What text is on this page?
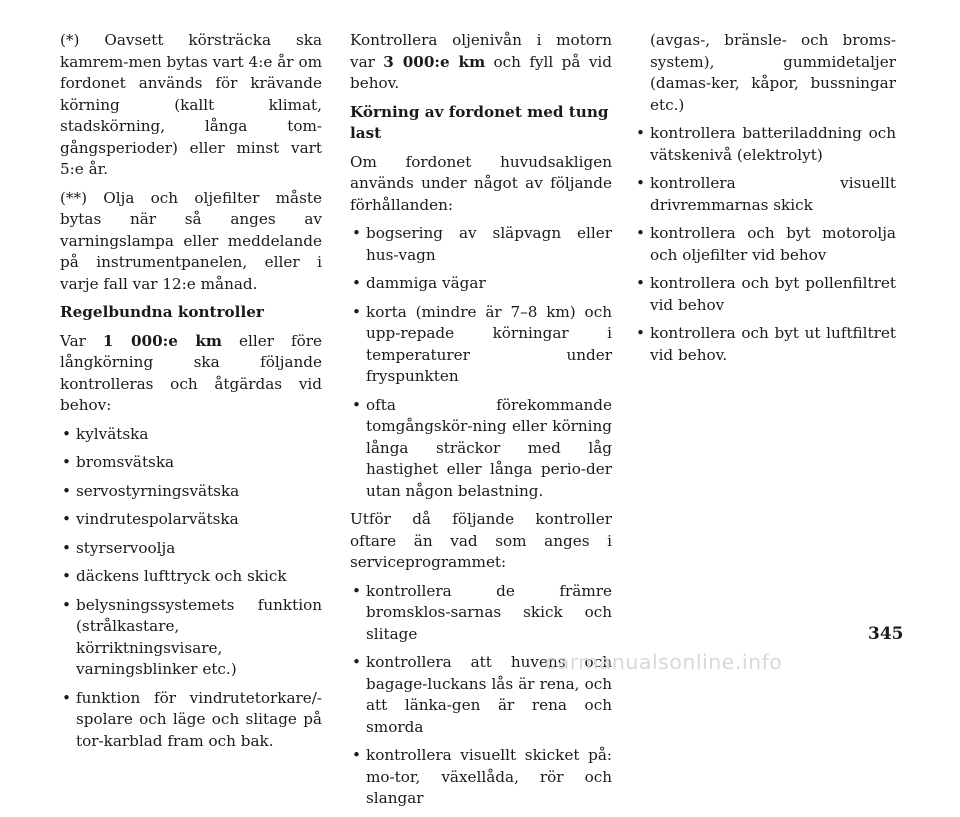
(*) Oavsett körsträcka ska kamrem-men bytas vart 4:e år om fordonet används för krävande körning (kallt klimat, stadskörning, långa tom-gångsperioder) eller minst vart 5:e år.

(**) Olja och oljefilter måste bytas när så anges av varningslampa eller meddelande på instrumentpanelen, eller i varje fall var 12:e månad.

Regelbundna kontroller

Var 1 000:e km eller före långkörning ska följande kontrolleras och åtgärdas vid behov:

• kylvätska
• bromsvätska
• servostyrningsvätska
• vindrutespolarvätska
• styrservoolja
• däckens lufttryck och skick
• belysningssystemets funktion (strålkastare, körriktningsvisare, varningsblinker etc.)
• funktion för vindrutetorkare/-spolare och läge och slitage på tor-karblad fram och bak.

Kontrollera oljenivån i motorn var 3 000:e km och fyll på vid behov.

Körning av fordonet med tung last

Om fordonet huvudsakligen används under något av följande förhållanden:

• bogsering av släpvagn eller hus-vagn
• dammiga vägar
• korta (mindre är 7–8 km) och upp-repade körningar i temperaturer under fryspunkten
• ofta förekommande tomgångskör-ning eller körning långa sträckor med låg hastighet eller långa perio-der utan någon belastning.

Utför då följande kontroller oftare än vad som anges i serviceprogrammet:

• kontrollera de främre bromsklos-sarnas skick och slitage
• kontrollera att huvens och bagage-luckans lås är rena, och att länka-gen är rena och smorda
• kontrollera visuellt skicket på: mo-tor, växellåda, rör och slangar

(avgas-, bränsle- och broms-system), gummidetaljer (damas-ker, kåpor, bussningar etc.)

• kontrollera batteriladdning och vätskenivå (elektrolyt)
• kontrollera visuellt drivremmarnas skick
• kontrollera och byt motorolja och oljefilter vid behov
• kontrollera och byt pollenfiltret vid behov
• kontrollera och byt ut luftfiltret vid behov.
345
carmanualsonline.info
